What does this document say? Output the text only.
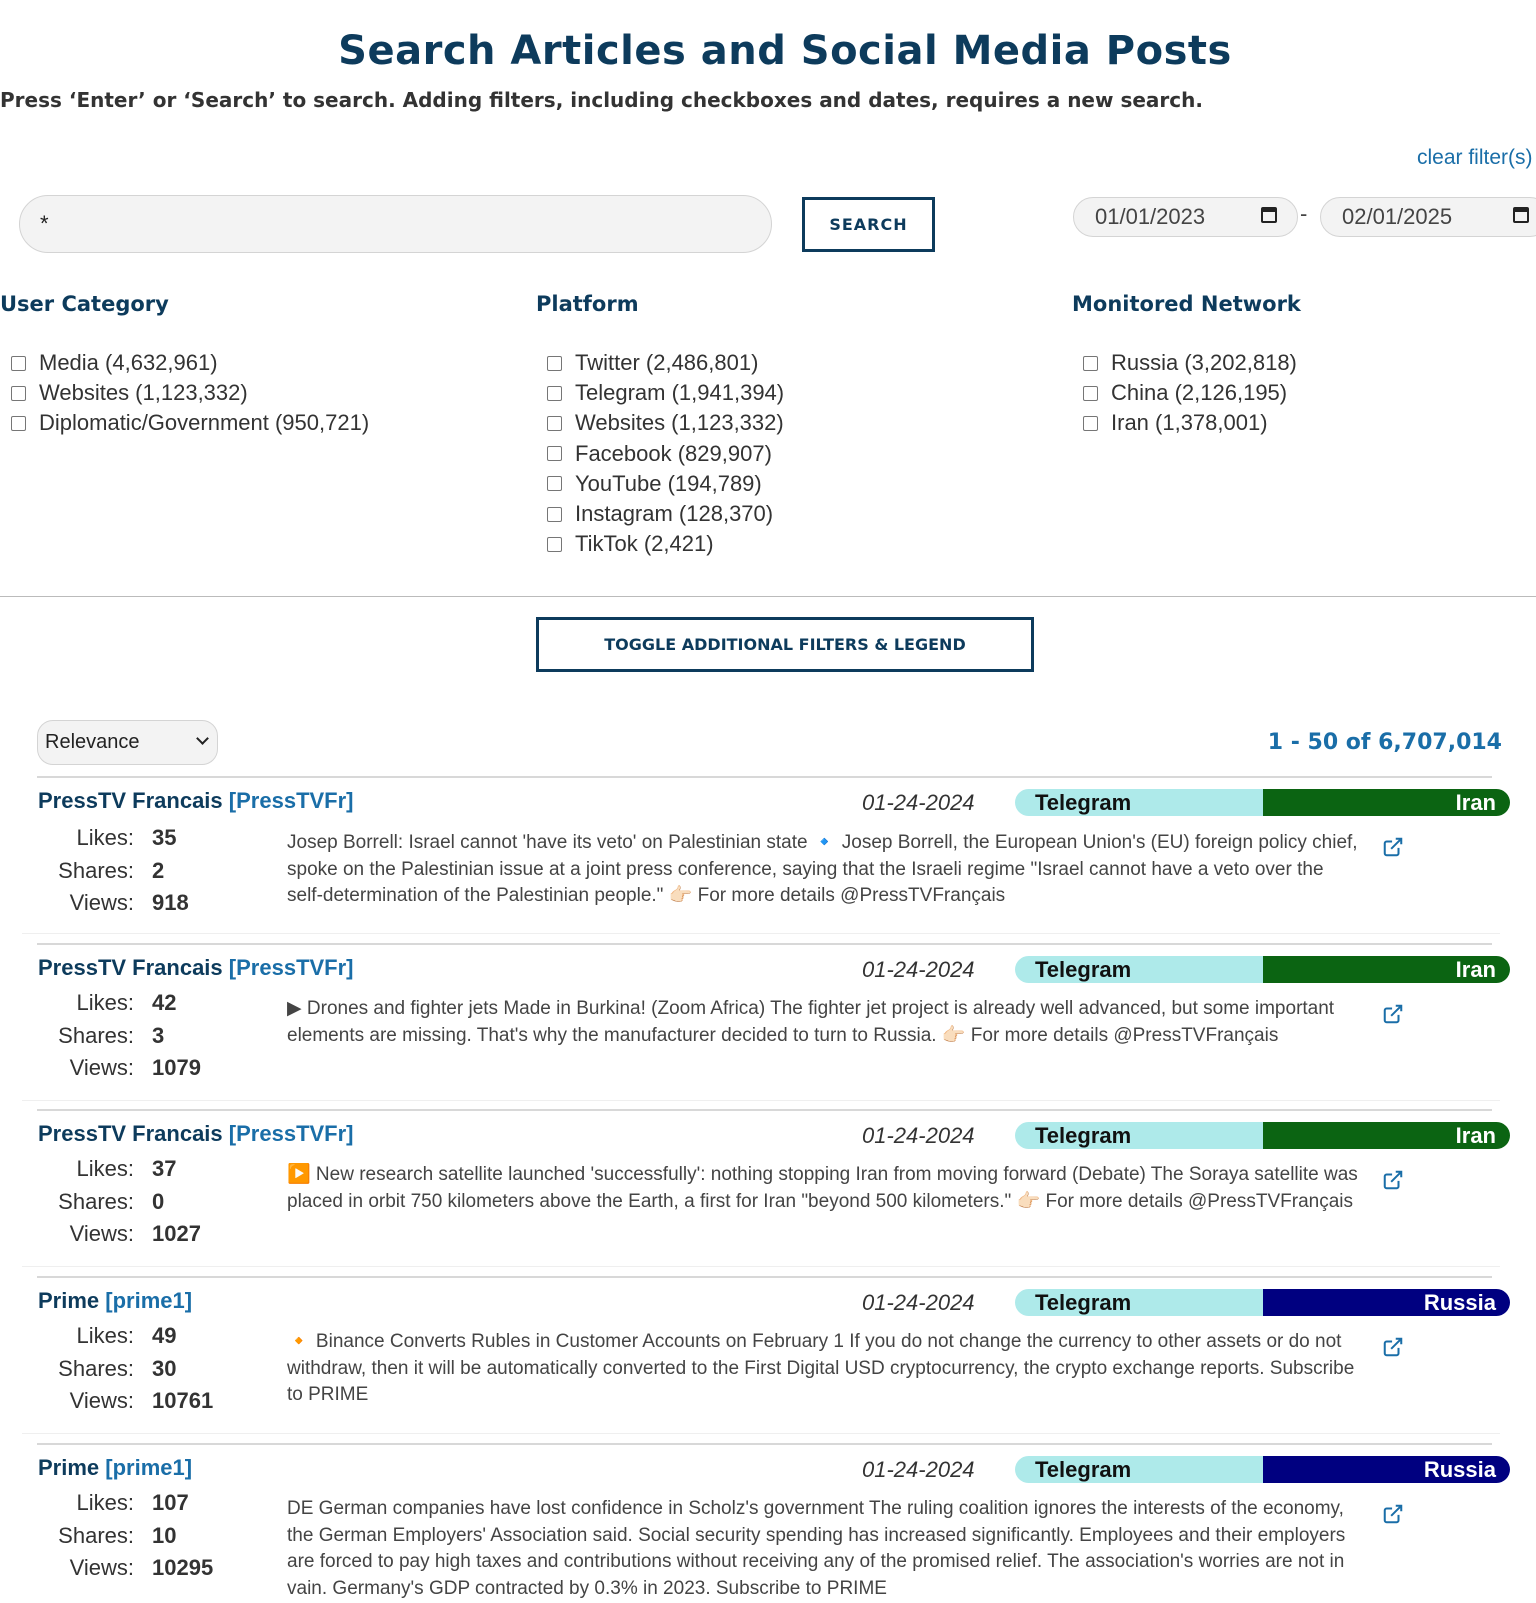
Search Articles and Social Media Posts
Press ‘Enter’ or ‘Search’ to search. Adding filters, including checkboxes and dates, requires a new search.
clear filter(s)
*
SEARCH	01/01/2023	-	02/01/2025
User Category
Media (4,632,961)
Websites (1,123,332)
Diplomatic/Government (950,721)
Platform
Twitter (2,486,801)
Telegram (1,941,394)
Websites (1,123,332)
Facebook (829,907)
YouTube (194,789)
Instagram (128,370)
TikTok (2,421)
Monitored Network
Russia (3,202,818)
China (2,126,195)
Iran (1,378,001)
TOGGLE ADDITIONAL FILTERS & LEGEND
Relevance	1 - 50 of 6,707,014
PressTV Francais [PressTVFr]	01-24-2024	Telegram	Iran
Likes: 35
Shares: 2
Views: 918
Josep Borrell: Israel cannot 'have its veto' on Palestinian state 🔹 Josep Borrell, the European Union's (EU) foreign policy chief, spoke on the Palestinian issue at a joint press conference, saying that the Israeli regime "Israel cannot have a veto over the self-determination of the Palestinian people." 👉🏻 For more details @PressTVFrançais
PressTV Francais [PressTVFr]	01-24-2024	Telegram	Iran
Likes: 42
Shares: 3
Views: 1079
▶ Drones and fighter jets Made in Burkina! (Zoom Africa) The fighter jet project is already well advanced, but some important elements are missing. That's why the manufacturer decided to turn to Russia. 👉🏻 For more details @PressTVFrançais
PressTV Francais [PressTVFr]	01-24-2024	Telegram	Iran
Likes: 37
Shares: 0
Views: 1027
▶️ New research satellite launched 'successfully': nothing stopping Iran from moving forward (Debate) The Soraya satellite was placed in orbit 750 kilometers above the Earth, a first for Iran "beyond 500 kilometers." 👉🏻 For more details @PressTVFrançais
Prime [prime1]	01-24-2024	Telegram	Russia
Likes: 49
Shares: 30
Views: 10761
🔸 Binance Converts Rubles in Customer Accounts on February 1 If you do not change the currency to other assets or do not withdraw, then it will be automatically converted to the First Digital USD cryptocurrency, the crypto exchange reports. Subscribe to PRIME
Prime [prime1]	01-24-2024	Telegram	Russia
Likes: 107
Shares: 10
Views: 10295
DE German companies have lost confidence in Scholz's government The ruling coalition ignores the interests of the economy, the German Employers' Association said. Social security spending has increased significantly. Employees and their employers are forced to pay high taxes and contributions without receiving any of the promised relief. The association's worries are not in vain. Germany's GDP contracted by 0.3% in 2023. Subscribe to PRIME
